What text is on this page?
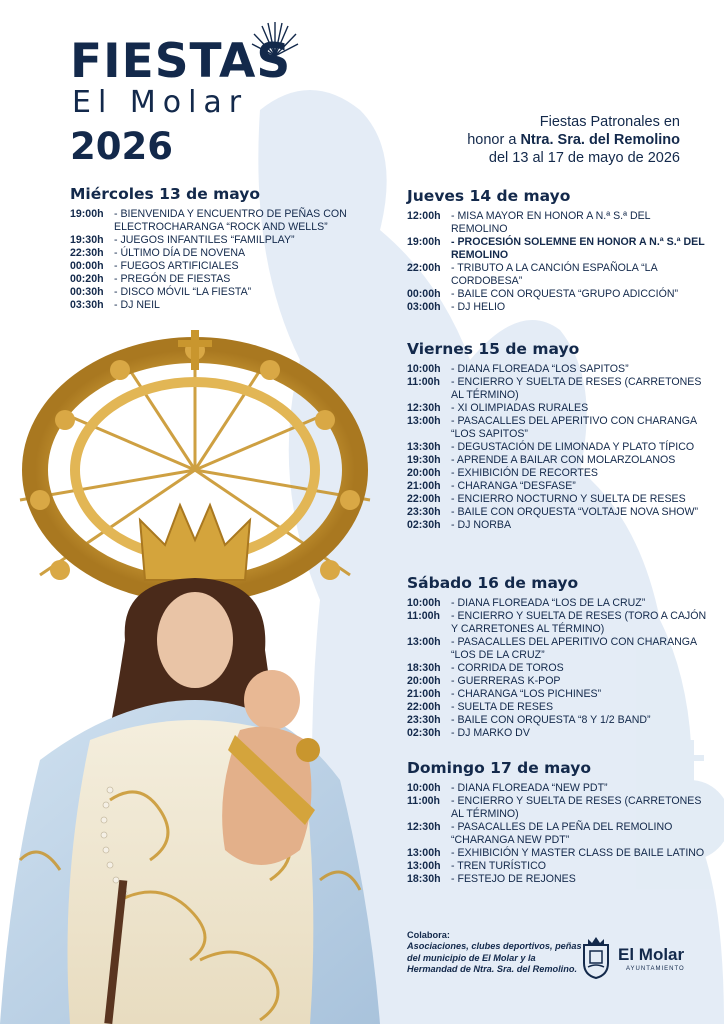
FIESTAS
El Molar
2026
Fiestas Patronales en
honor a Ntra. Sra. del Remolino
del 13 al 17 de mayo de 2026
Miércoles 13 de mayo
19:00h	- BIENVENIDA Y ENCUENTRO DE PEÑAS CON ELECTROCHARANGA “ROCK AND WELLS”
19:30h	- JUEGOS INFANTILES “FAMILPLAY”
22:30h	- ÚLTIMO DÍA DE NOVENA
00:00h	- FUEGOS ARTIFICIALES
00:20h	- PREGÓN DE FIESTAS
00:30h	- DISCO MÓVIL “LA FIESTA”
03:30h	- DJ NEIL
Jueves 14 de mayo
12:00h	- MISA MAYOR EN HONOR A N.ª S.ª DEL REMOLINO
19:00h	- PROCESIÓN SOLEMNE EN HONOR A N.ª S.ª DEL REMOLINO
22:00h	- TRIBUTO A LA CANCIÓN ESPAÑOLA “LA CORDOBESA”
00:00h	- BAILE CON ORQUESTA “GRUPO ADICCIÓN”
03:00h	- DJ HELIO
Viernes 15 de mayo
10:00h	- DIANA FLOREADA “LOS SAPITOS”
11:00h	- ENCIERRO Y SUELTA DE RESES (CARRETONES AL TÉRMINO)
12:30h	- XI OLIMPIADAS RURALES
13:00h	- PASACALLES DEL APERITIVO CON CHARANGA “LOS SAPITOS”
13:30h	- DEGUSTACIÓN DE LIMONADA Y PLATO TÍPICO
19:30h	- APRENDE A BAILAR CON MOLARZOLANOS
20:00h	- EXHIBICIÓN DE RECORTES
21:00h	- CHARANGA “DESFASE”
22:00h	- ENCIERRO NOCTURNO Y SUELTA DE RESES
23:30h	- BAILE CON ORQUESTA “VOLTAJE NOVA SHOW”
02:30h	- DJ NORBA
Sábado 16 de mayo
10:00h	- DIANA FLOREADA “LOS DE LA CRUZ”
11:00h	- ENCIERRO Y SUELTA DE RESES (TORO A CAJÓN Y CARRETONES AL TÉRMINO)
13:00h	- PASACALLES DEL APERITIVO CON CHARANGA “LOS DE LA CRUZ”
18:30h	- CORRIDA DE TOROS
20:00h	- GUERRERAS K-POP
21:00h	- CHARANGA “LOS PICHINES”
22:00h	- SUELTA DE RESES
23:30h	- BAILE CON ORQUESTA “8 Y 1/2 BAND”
02:30h	- DJ MARKO DV
Domingo 17 de mayo
10:00h	- DIANA FLOREADA “NEW PDT”
11:00h	- ENCIERRO Y SUELTA DE RESES (CARRETONES AL TÉRMINO)
12:30h	- PASACALLES DE LA PEÑA DEL REMOLINO “CHARANGA NEW PDT”
13:00h	- EXHIBICIÓN Y MASTER CLASS DE BAILE LATINO
13:00h	- TREN TURÍSTICO
18:30h	- FESTEJO DE REJONES
Colabora:
Asociaciones, clubes deportivos, peñas del municipio de El Molar y la Hermandad de Ntra. Sra. del Remolino.
El Molar
AYUNTAMIENTO
